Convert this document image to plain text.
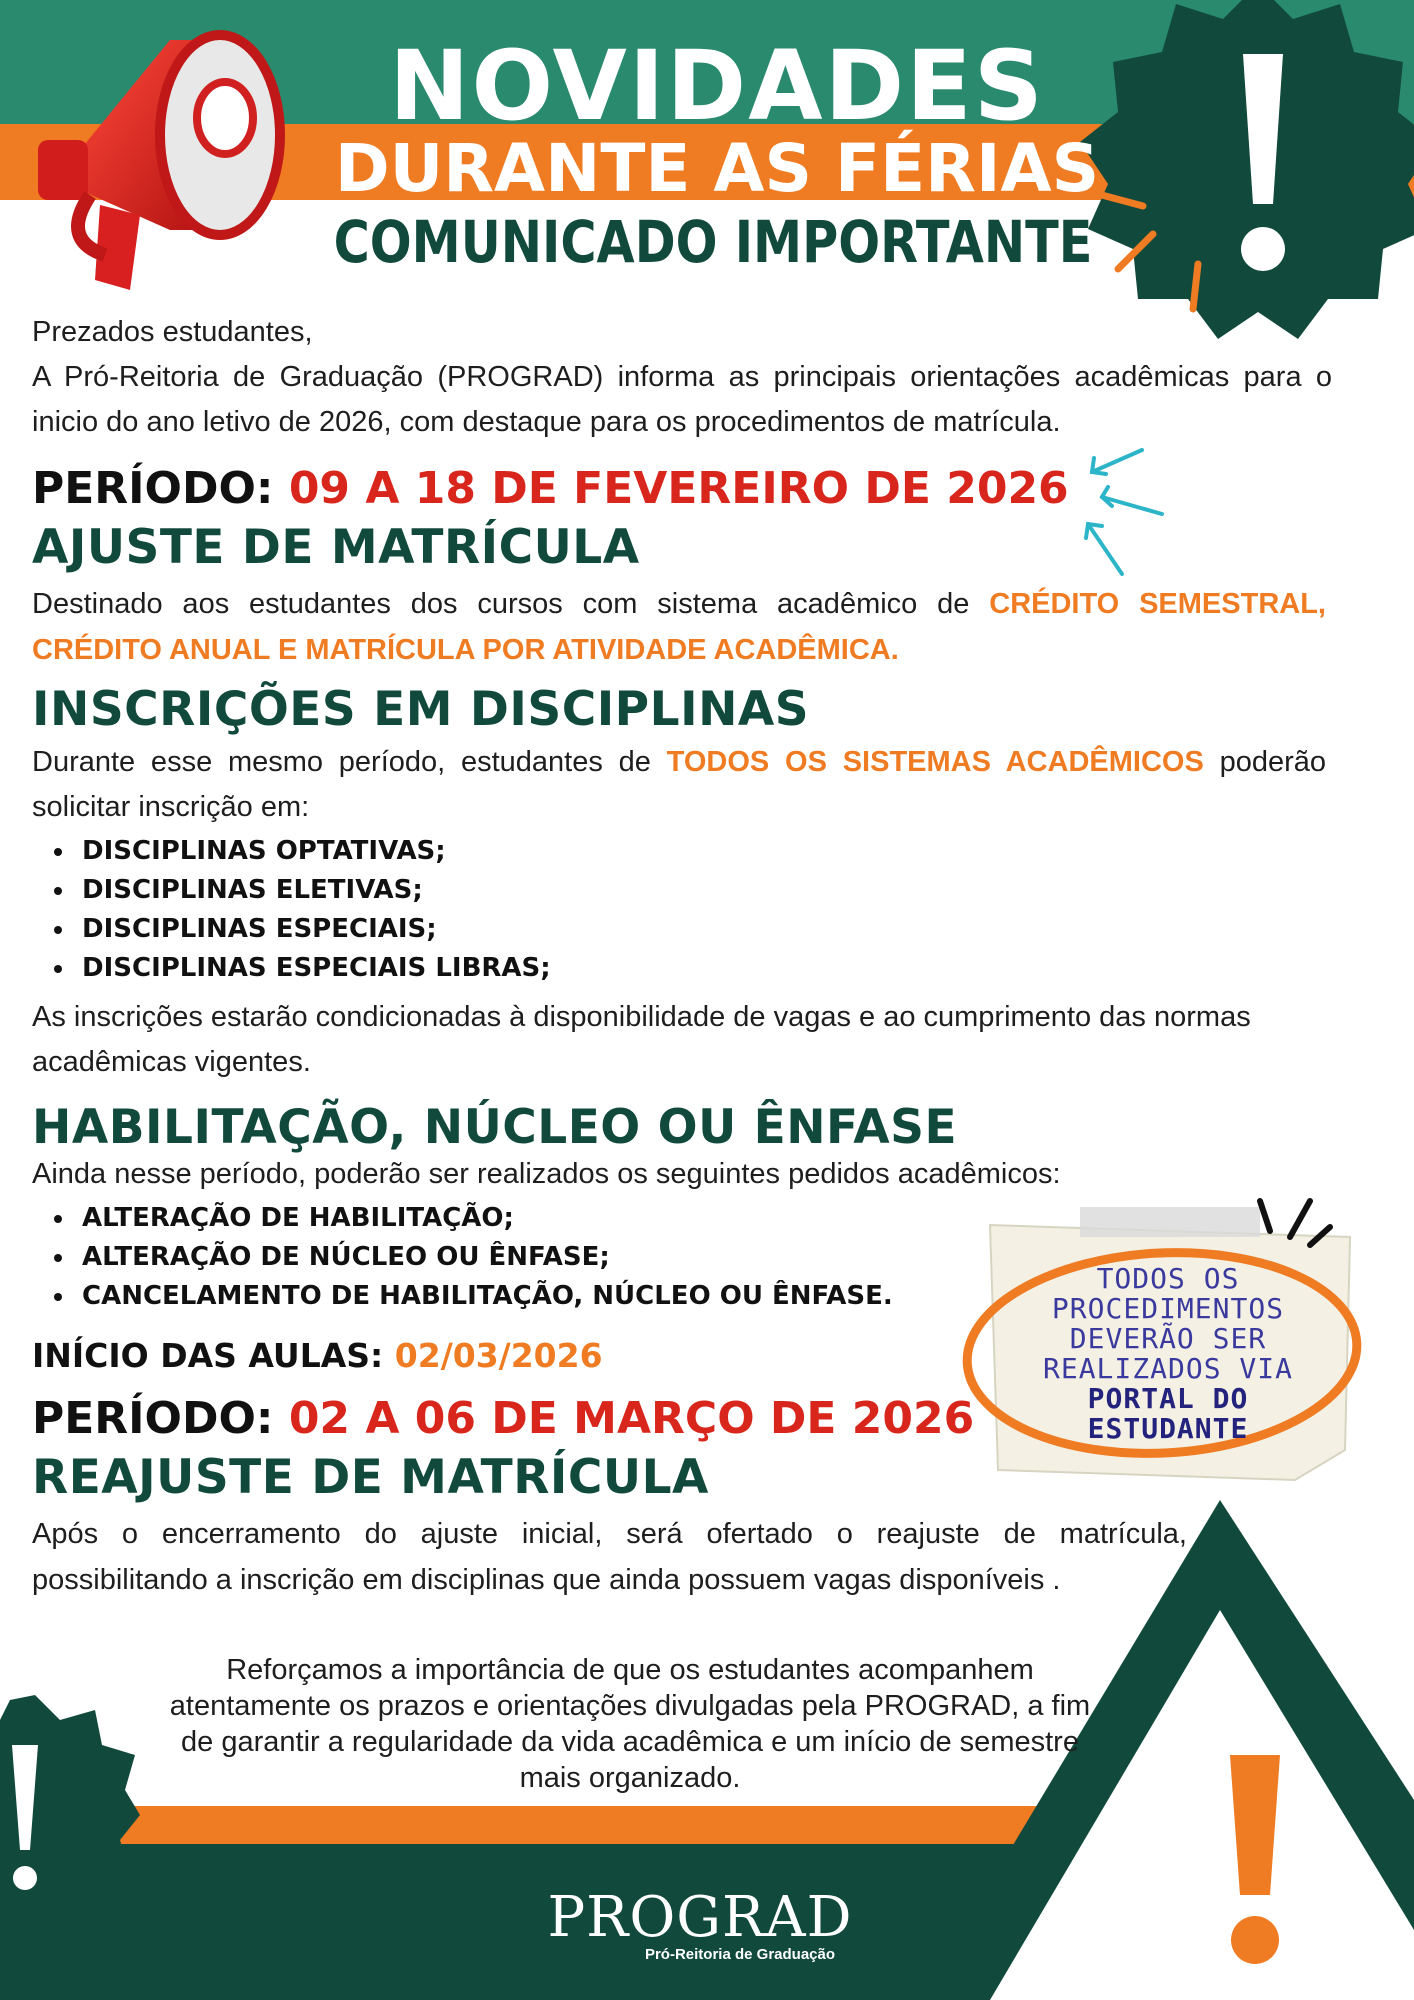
NOVIDADES
DURANTE AS FÉRIAS
COMUNICADO IMPORTANTE
Prezados estudantes,
A Pró-Reitoria de Graduação (PROGRAD) informa as principais orientações acadêmicas para o inicio do ano letivo de 2026, com destaque para os procedimentos de matrícula.
PERÍODO: 09 A 18 DE FEVEREIRO DE 2026
AJUSTE DE MATRÍCULA
Destinado aos estudantes dos cursos com sistema acadêmico de CRÉDITO SEMESTRAL, CRÉDITO ANUAL E MATRÍCULA POR ATIVIDADE ACADÊMICA.
INSCRIÇÕES EM DISCIPLINAS
Durante esse mesmo período, estudantes de TODOS OS SISTEMAS ACADÊMICOS poderão solicitar inscrição em:
DISCIPLINAS OPTATIVAS;
DISCIPLINAS ELETIVAS;
DISCIPLINAS ESPECIAIS;
DISCIPLINAS ESPECIAIS LIBRAS;
As inscrições estarão condicionadas à disponibilidade de vagas e ao cumprimento das normas acadêmicas vigentes.
HABILITAÇÃO, NÚCLEO OU ÊNFASE
Ainda nesse período, poderão ser realizados os seguintes pedidos acadêmicos:
ALTERAÇÃO DE HABILITAÇÃO;
ALTERAÇÃO DE NÚCLEO OU ÊNFASE;
CANCELAMENTO DE HABILITAÇÃO, NÚCLEO OU ÊNFASE.
INÍCIO DAS AULAS: 02/03/2026
PERÍODO: 02 A 06 DE MARÇO DE 2026
REAJUSTE DE MATRÍCULA
Após o encerramento do ajuste inicial, será ofertado o reajuste de matrícula, possibilitando a inscrição em disciplinas que ainda possuem vagas disponíveis .
TODOS OS
PROCEDIMENTOS
DEVERÃO SER
REALIZADOS VIA
PORTAL DO
ESTUDANTE
Reforçamos a importância de que os estudantes acompanhem atentamente os prazos e orientações divulgadas pela PROGRAD, a fim de garantir a regularidade da vida acadêmica e um início de semestre mais organizado.
PROGRAD
Pró-Reitoria de Graduação
